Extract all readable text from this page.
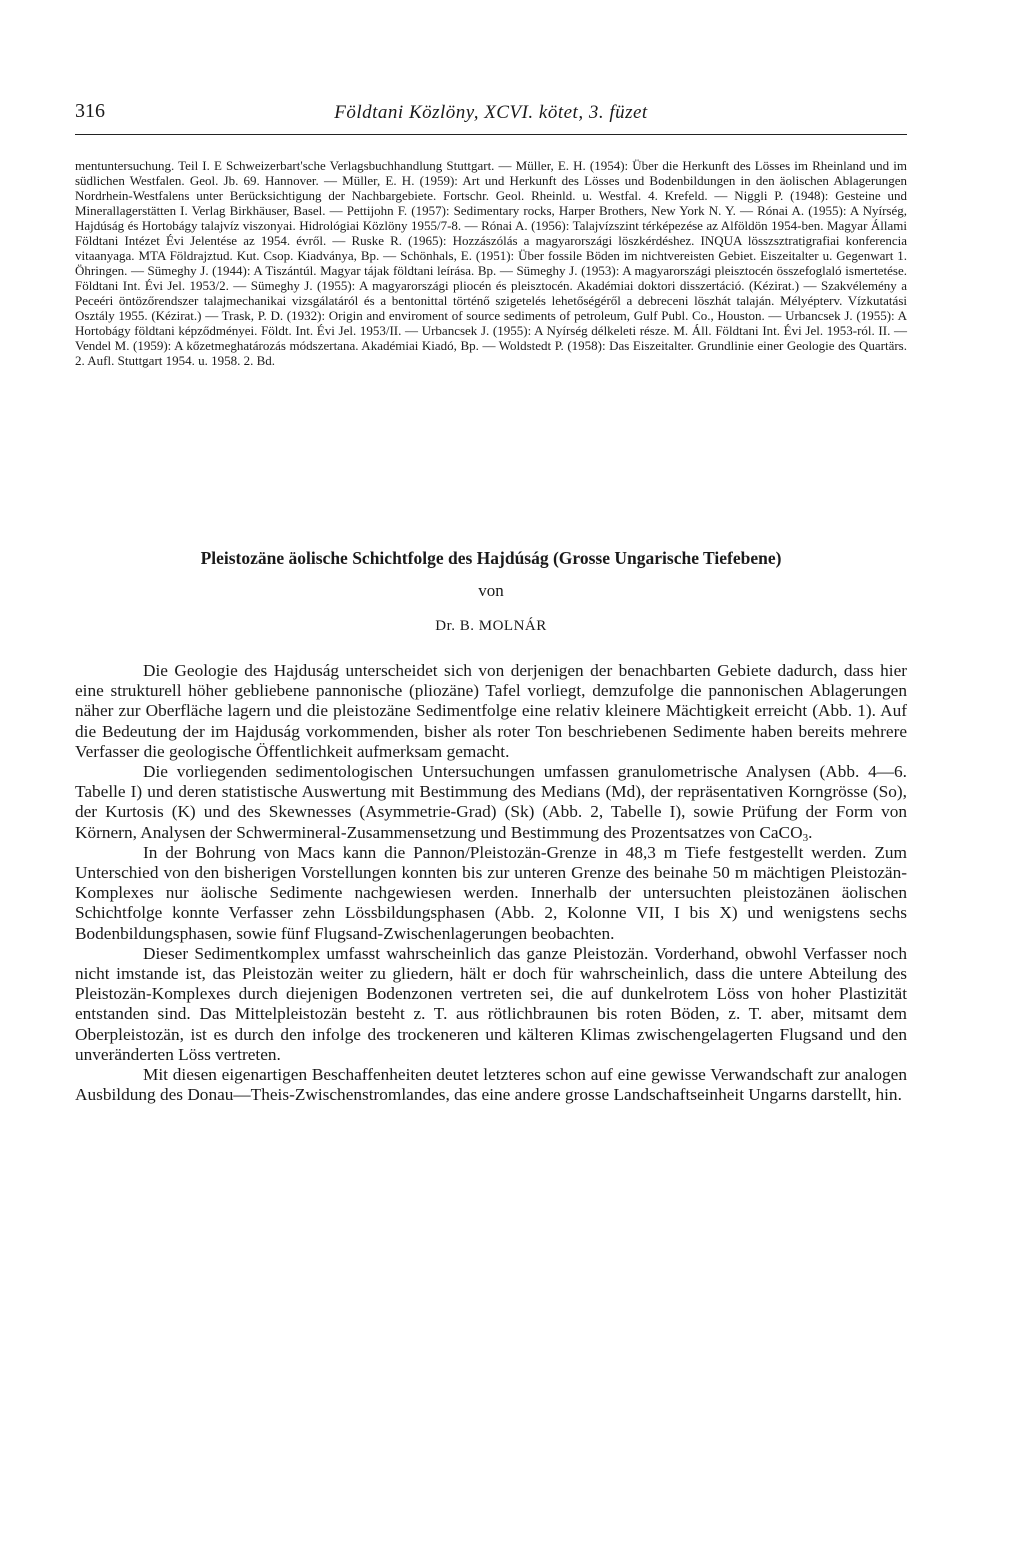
316	Földtani Közlöny, XCVI. kötet, 3. füzet

mentuntersuchung. Teil I. E Schweizerbart'sche Verlagsbuchhandlung Stuttgart. — Müller, E. H. (1954): Über die Herkunft des Lösses im Rheinland und im südlichen Westfalen. Geol. Jb. 69. Hannover. — Müller, E. H. (1959): Art und Herkunft des Lösses und Bodenbildungen in den äolischen Ablagerungen Nordrhein-Westfalens unter Berücksichtigung der Nachbargebiete. Fortschr. Geol. Rheinld. u. Westfal. 4. Krefeld. — Niggli P. (1948): Gesteine und Minerallagerstätten I. Verlag Birkhäuser, Basel. — Pettijohn F. (1957): Sedimentary rocks, Harper Brothers, New York N. Y. — Rónai A. (1955): A Nyírség, Hajdúság és Hortobágy talajvíz viszonyai. Hidrológiai Közlöny 1955/7-8. — Rónai A. (1956): Talajvízszint térképezése az Alföldön 1954-ben. Magyar Állami Földtani Intézet Évi Jelentése az 1954. évről. — Ruske R. (1965): Hozzászólás a magyarországi löszkérdéshez. INQUA lösszsztratigrafiai konferencia vitaanyaga. MTA Földrajztud. Kut. Csop. Kiadványa, Bp. — Schönhals, E. (1951): Über fossile Böden im nichtvereisten Gebiet. Eiszeitalter u. Gegenwart 1. Öhringen. — Sümeghy J. (1944): A Tiszántúl. Magyar tájak földtani leírása. Bp. — Sümeghy J. (1953): A magyarországi pleisztocén összefoglaló ismertetése. Földtani Int. Évi Jel. 1953/2. — Sümeghy J. (1955): A magyarországi pliocén és pleisztocén. Akadémiai doktori disszertáció. (Kézirat.) — Szakvélemény a Peceéri öntözőrendszer talajmechanikai vizsgálatáról és a bentonittal történő szigetelés lehetőségéről a debreceni löszhát talaján. Mélyépterv. Vízkutatási Osztály 1955. (Kézirat.) — Trask, P. D. (1932): Origin and enviroment of source sediments of petroleum, Gulf Publ. Co., Houston. — Urbancsek J. (1955): A Hortobágy földtani képződményei. Földt. Int. Évi Jel. 1953/II. — Urbancsek J. (1955): A Nyírség délkeleti része. M. Áll. Földtani Int. Évi Jel. 1953-ról. II. — Vendel M. (1959): A kőzetmeghatározás módszertana. Akadémiai Kiadó, Bp. — Woldstedt P. (1958): Das Eiszeitalter. Grundlinie einer Geologie des Quartärs. 2. Aufl. Stuttgart 1954. u. 1958. 2. Bd.

Pleistozäne äolische Schichtfolge des Hajdúság (Grosse Ungarische Tiefebene)
von
Dr. B. MOLNÁR

Die Geologie des Hajduság unterscheidet sich von derjenigen der benachbarten Gebiete dadurch, dass hier eine strukturell höher gebliebene pannonische (pliozäne) Tafel vorliegt, demzufolge die pannonischen Ablagerungen näher zur Oberfläche lagern und die pleistozäne Sedimentfolge eine relativ kleinere Mächtigkeit erreicht (Abb. 1). Auf die Bedeutung der im Hajduság vorkommenden, bisher als roter Ton beschriebenen Sedimente haben bereits mehrere Verfasser die geologische Öffentlichkeit aufmerksam gemacht.

Die vorliegenden sedimentologischen Untersuchungen umfassen granulometrische Analysen (Abb. 4—6. Tabelle I) und deren statistische Auswertung mit Bestimmung des Medians (Md), der repräsentativen Korngrösse (So), der Kurtosis (K) und des Skewnesses (Asymmetrie-Grad) (Sk) (Abb. 2, Tabelle I), sowie Prüfung der Form von Körnern, Analysen der Schwermineral-Zusammensetzung und Bestimmung des Prozentsatzes von CaCO$_3$.

In der Bohrung von Macs kann die Pannon/Pleistozän-Grenze in 48,3 m Tiefe festgestellt werden. Zum Unterschied von den bisherigen Vorstellungen konnten bis zur unteren Grenze des beinahe 50 m mächtigen Pleistozän-Komplexes nur äolische Sedimente nachgewiesen werden. Innerhalb der untersuchten pleistozänen äolischen Schichtfolge konnte Verfasser zehn Lössbildungsphasen (Abb. 2, Kolonne VII, I bis X) und wenigstens sechs Bodenbildungsphasen, sowie fünf Flugsand-Zwischenlagerungen beobachten.

Dieser Sedimentkomplex umfasst wahrscheinlich das ganze Pleistozän. Vorderhand, obwohl Verfasser noch nicht imstande ist, das Pleistozän weiter zu gliedern, hält er doch für wahrscheinlich, dass die untere Abteilung des Pleistozän-Komplexes durch diejenigen Bodenzonen vertreten sei, die auf dunkelrotem Löss von hoher Plastizität entstanden sind. Das Mittelpleistozän besteht z. T. aus rötlichbraunen bis roten Böden, z. T. aber, mitsamt dem Oberpleistozän, ist es durch den infolge des trockeneren und kälteren Klimas zwischengelagerten Flugsand und den unveränderten Löss vertreten.

Mit diesen eigenartigen Beschaffenheiten deutet letzteres schon auf eine gewisse Verwandschaft zur analogen Ausbildung des Donau—Theis-Zwischenstromlandes, das eine andere grosse Landschaftseinheit Ungarns darstellt, hin.
